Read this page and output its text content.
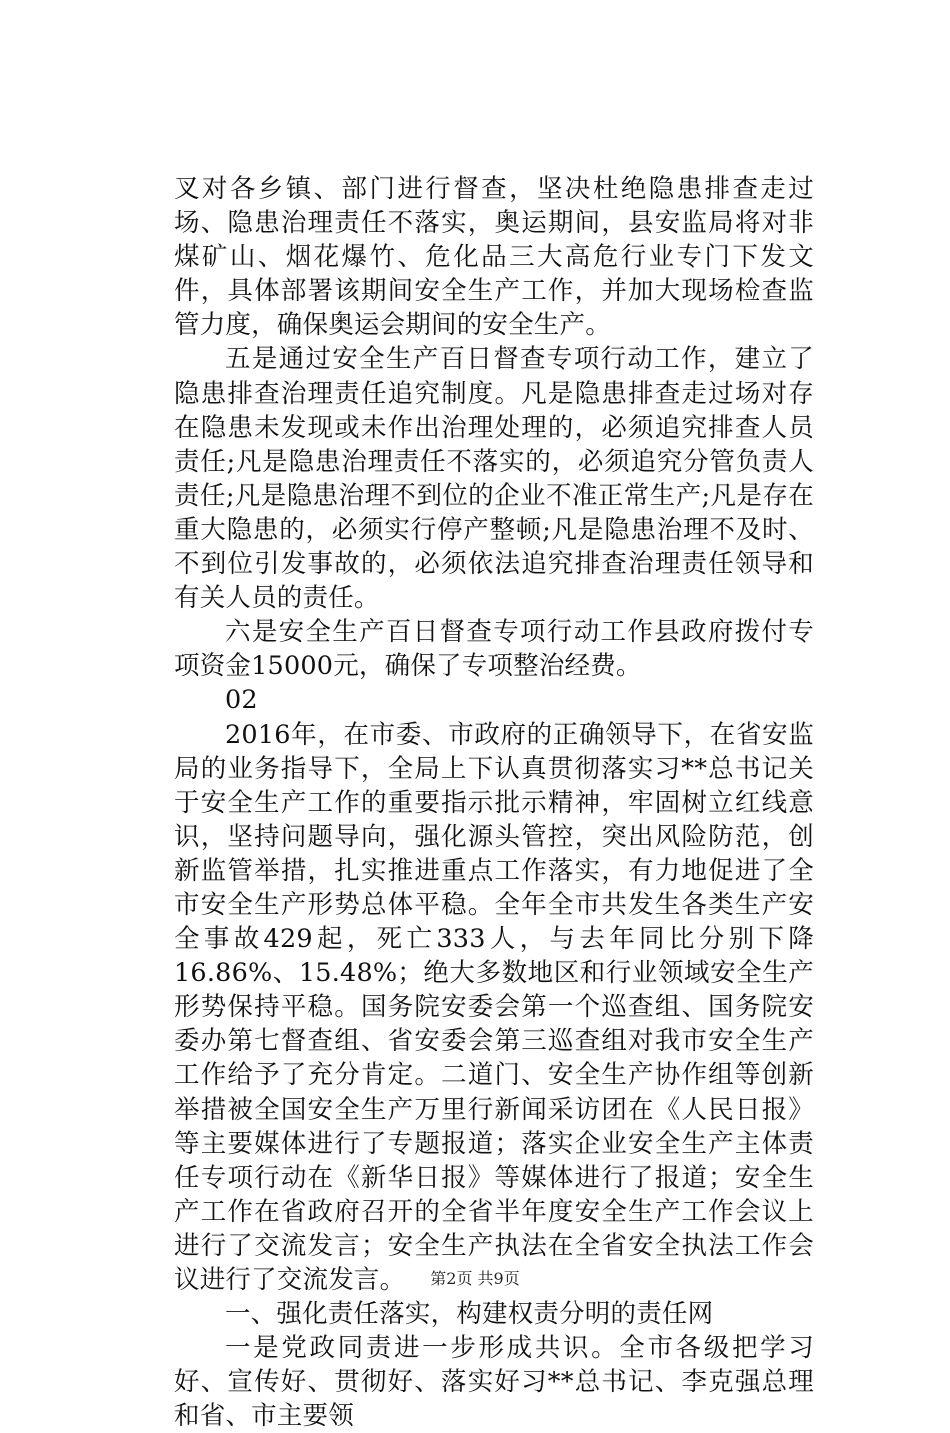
叉对各乡镇、部门进行督查，坚决杜绝隐患排查走过场、隐患治理责任不落实，奥运期间，县安监局将对非煤矿山、烟花爆竹、危化品三大高危行业专门下发文件，具体部署该期间安全生产工作，并加大现场检查监管力度，确保奥运会期间的安全生产。

五是通过安全生产百日督查专项行动工作，建立了隐患排查治理责任追究制度。凡是隐患排查走过场对存在隐患未发现或未作出治理处理的，必须追究排查人员责任;凡是隐患治理责任不落实的，必须追究分管负责人责任;凡是隐患治理不到位的企业不准正常生产;凡是存在重大隐患的，必须实行停产整顿;凡是隐患治理不及时、不到位引发事故的，必须依法追究排查治理责任领导和有关人员的责任。

六是安全生产百日督查专项行动工作县政府拨付专项资金15000元，确保了专项整治经费。

02

2016年，在市委、市政府的正确领导下，在省安监局的业务指导下，全局上下认真贯彻落实习**总书记关于安全生产工作的重要指示批示精神，牢固树立红线意识，坚持问题导向，强化源头管控，突出风险防范，创新监管举措，扎实推进重点工作落实，有力地促进了全市安全生产形势总体平稳。全年全市共发生各类生产安全事故429起，死亡333人，与去年同比分别下降16.86%、15.48%；绝大多数地区和行业领域安全生产形势保持平稳。国务院安委会第一个巡查组、国务院安委办第七督查组、省安委会第三巡查组对我市安全生产工作给予了充分肯定。二道门、安全生产协作组等创新举措被全国安全生产万里行新闻采访团在《人民日报》等主要媒体进行了专题报道；落实企业安全生产主体责任专项行动在《新华日报》等媒体进行了报道；安全生产工作在省政府召开的全省半年度安全生产工作会议上进行了交流发言；安全生产执法在全省安全执法工作会议进行了交流发言。

一、强化责任落实，构建权责分明的责任网

一是党政同责进一步形成共识。全市各级把学习好、宣传好、贯彻好、落实好习**总书记、李克强总理和省、市主要领

第2页 共9页
